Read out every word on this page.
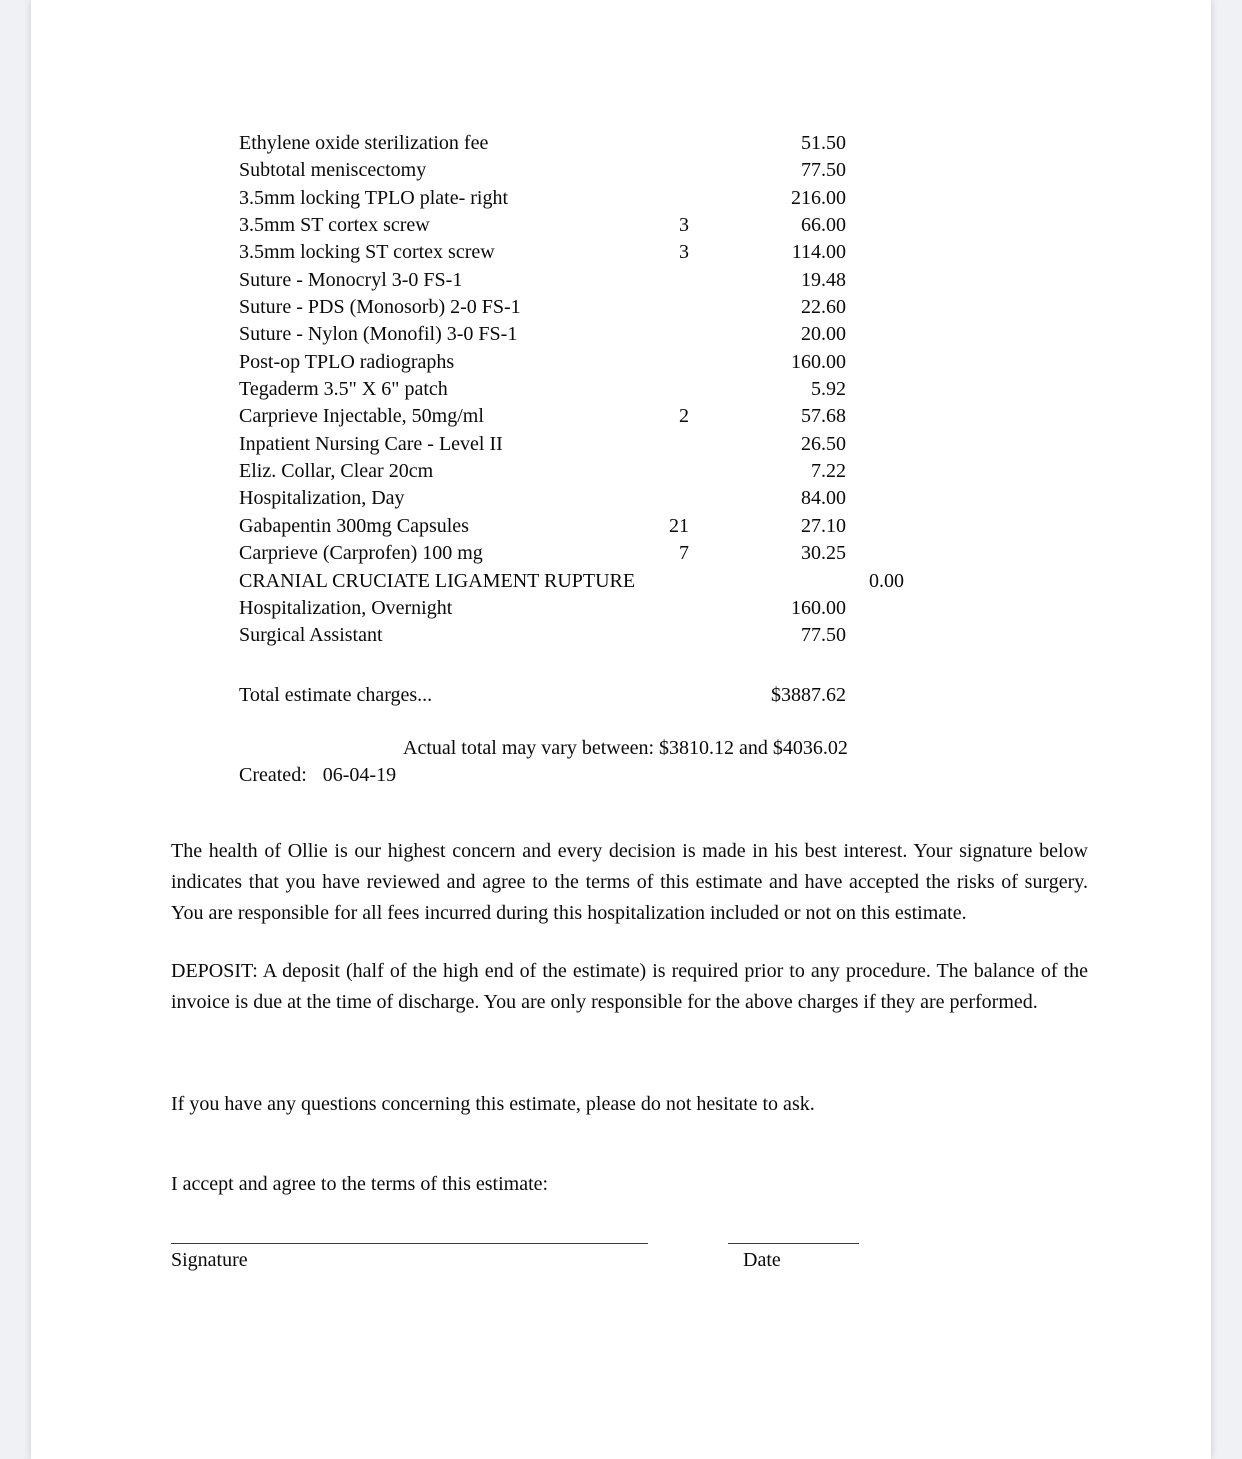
Ethylene oxide sterilization fee	51.50
Subtotal meniscectomy	77.50
3.5mm locking TPLO plate- right	216.00
3.5mm ST cortex screw	3	66.00
3.5mm locking ST cortex screw	3	114.00
Suture - Monocryl 3-0 FS-1	19.48
Suture - PDS (Monosorb) 2-0 FS-1	22.60
Suture - Nylon (Monofil) 3-0 FS-1	20.00
Post-op TPLO radiographs	160.00
Tegaderm 3.5" X 6" patch	5.92
Carprieve Injectable, 50mg/ml	2	57.68
Inpatient Nursing Care - Level II	26.50
Eliz. Collar, Clear 20cm	7.22
Hospitalization, Day	84.00
Gabapentin 300mg Capsules	21	27.10
Carprieve (Carprofen) 100 mg	7	30.25
CRANIAL CRUCIATE LIGAMENT RUPTURE	0.00
Hospitalization, Overnight	160.00
Surgical Assistant	77.50
Total estimate charges...	$3887.62
Actual total may vary between: $3810.12 and $4036.02
Created: 06-04-19
The health of Ollie is our highest concern and every decision is made in his best interest. Your signature below indicates that you have reviewed and agree to the terms of this estimate and have accepted the risks of surgery. You are responsible for all fees incurred during this hospitalization included or not on this estimate.
DEPOSIT: A deposit (half of the high end of the estimate) is required prior to any procedure. The balance of the invoice is due at the time of discharge. You are only responsible for the above charges if they are performed.
If you have any questions concerning this estimate, please do not hesitate to ask.
I accept and agree to the terms of this estimate:
Signature	Date
